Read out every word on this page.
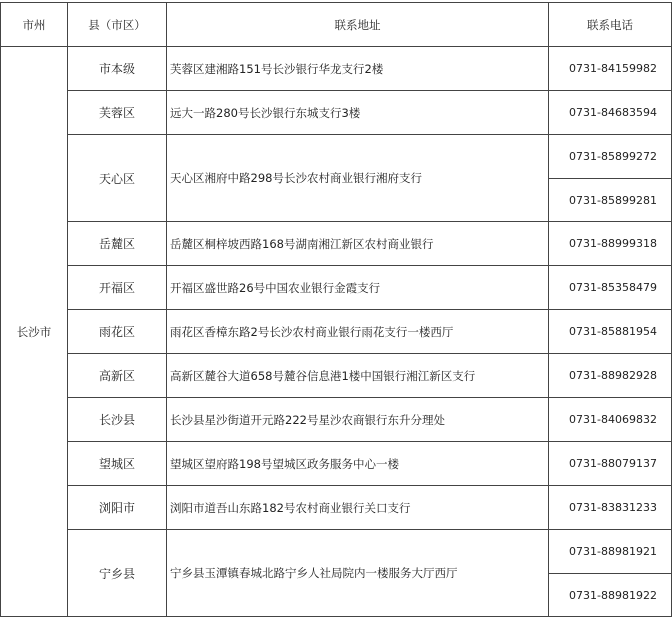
市州	县（市区）	联系地址	联系电话
长沙市	市本级	芙蓉区建湘路151号长沙银行华龙支行2楼	0731-84159982
	芙蓉区	远大一路280号长沙银行东城支行3楼	0731-84683594
	天心区	天心区湘府中路298号长沙农村商业银行湘府支行	0731-85899272
			0731-85899281
	岳麓区	岳麓区桐梓坡西路168号湖南湘江新区农村商业银行	0731-88999318
	开福区	开福区盛世路26号中国农业银行金霞支行	0731-85358479
	雨花区	雨花区香樟东路2号长沙农村商业银行雨花支行一楼西厅	0731-85881954
	高新区	高新区麓谷大道658号麓谷信息港1楼中国银行湘江新区支行	0731-88982928
	长沙县	长沙县星沙街道开元路222号星沙农商银行东升分理处	0731-84069832
	望城区	望城区望府路198号望城区政务服务中心一楼	0731-88079137
	浏阳市	浏阳市道吾山东路182号农村商业银行关口支行	0731-83831233
	宁乡县	宁乡县玉潭镇春城北路宁乡人社局院内一楼服务大厅西厅	0731-88981921
			0731-88981922
